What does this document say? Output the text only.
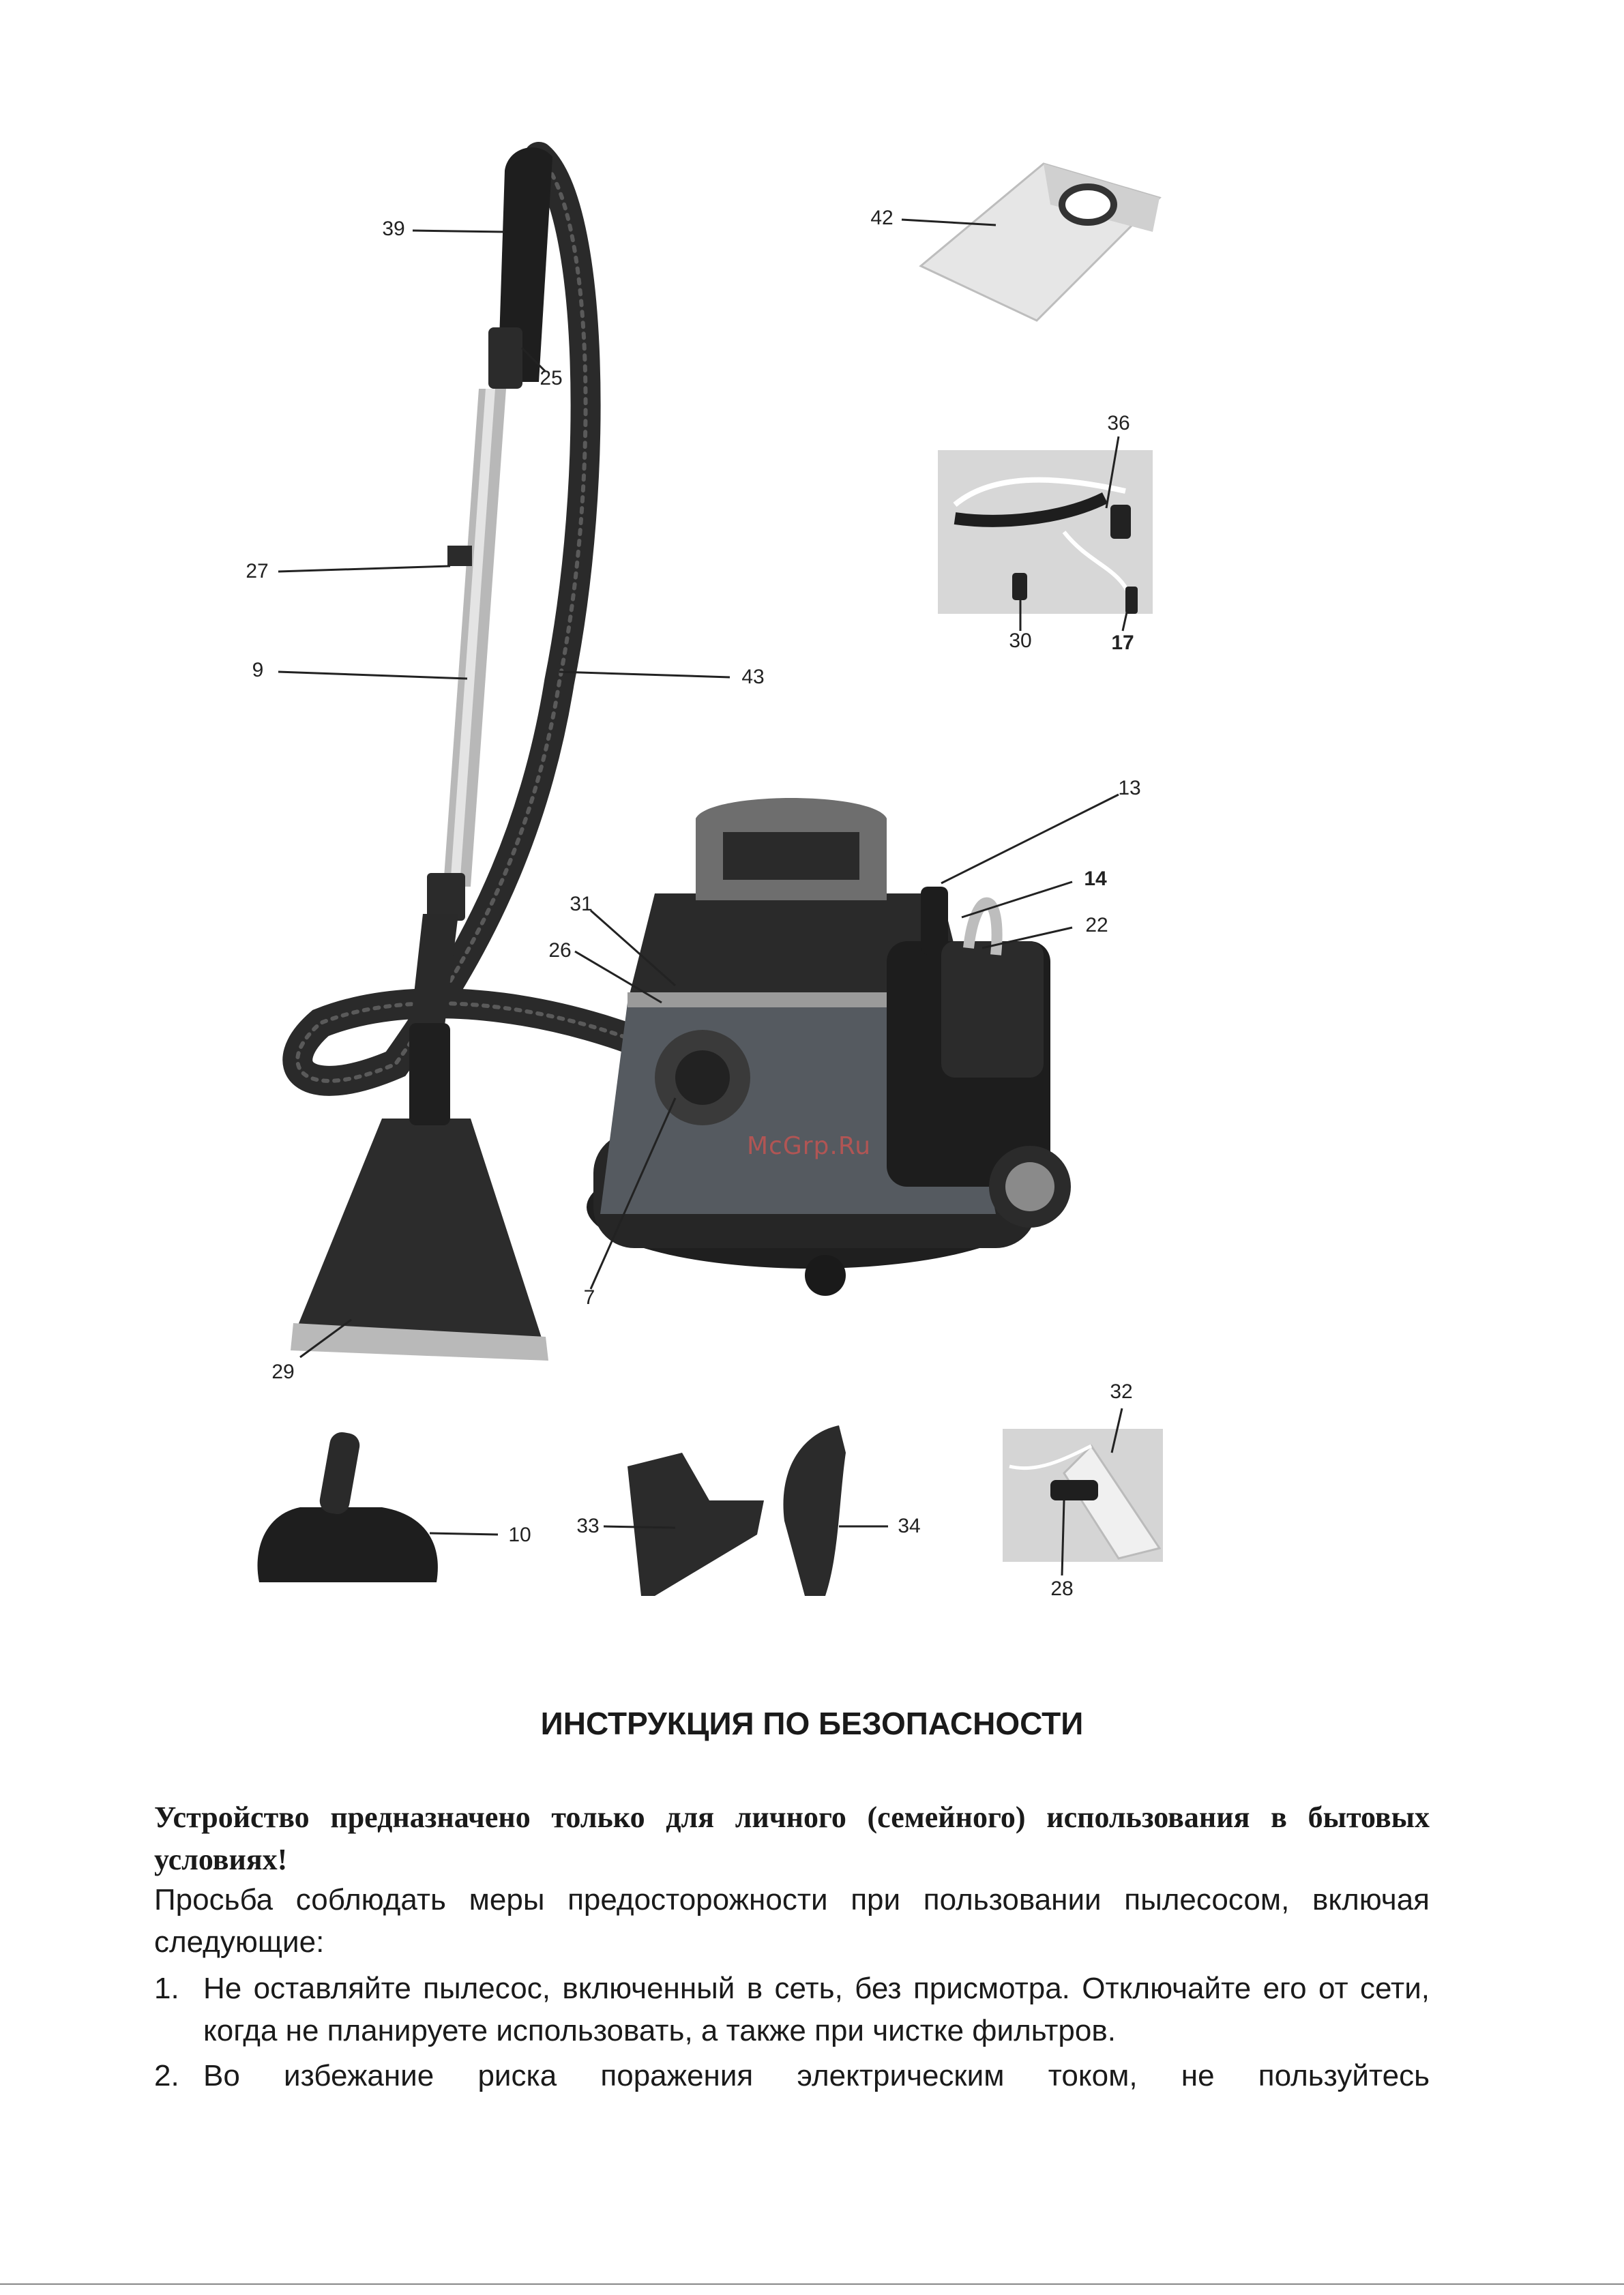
39
25
27
9	43
42
36
30	17
13
14
22
31
26
7
29
10 33	34
32
28
McGrp.Ru
ИНСТРУКЦИЯ ПО БЕЗОПАСНОСТИ
Устройство предназначено только для личного (семейного) использования в бытовых условиях!
Просьба соблюдать меры предосторожности при пользовании пылесосом, включая следующие:
1. Не оставляйте пылесос, включенный в сеть, без присмотра. Отключайте его от сети, когда не планируете использовать, а также при чистке фильтров.
2. Во избежание риска поражения электрическим током, не пользуйтесь
